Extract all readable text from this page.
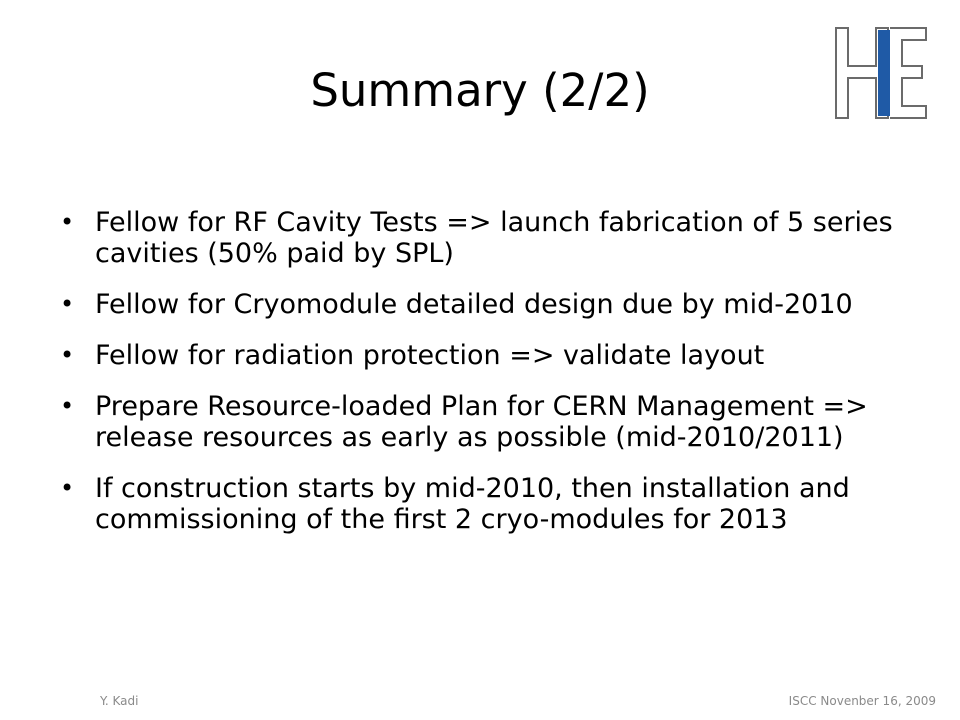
Summary (2/2)
• Fellow for RF Cavity Tests => launch fabrication of 5 series cavities (50% paid by SPL)
• Fellow for Cryomodule detailed design due by mid-2010
• Fellow for radiation protection => validate layout
• Prepare Resource-loaded Plan for CERN Management => release resources as early as possible (mid-2010/2011)
• If construction starts by mid-2010, then installation and commissioning of the first 2 cryo-modules for 2013
Y. Kadi	ISCC Novenber 16, 2009
